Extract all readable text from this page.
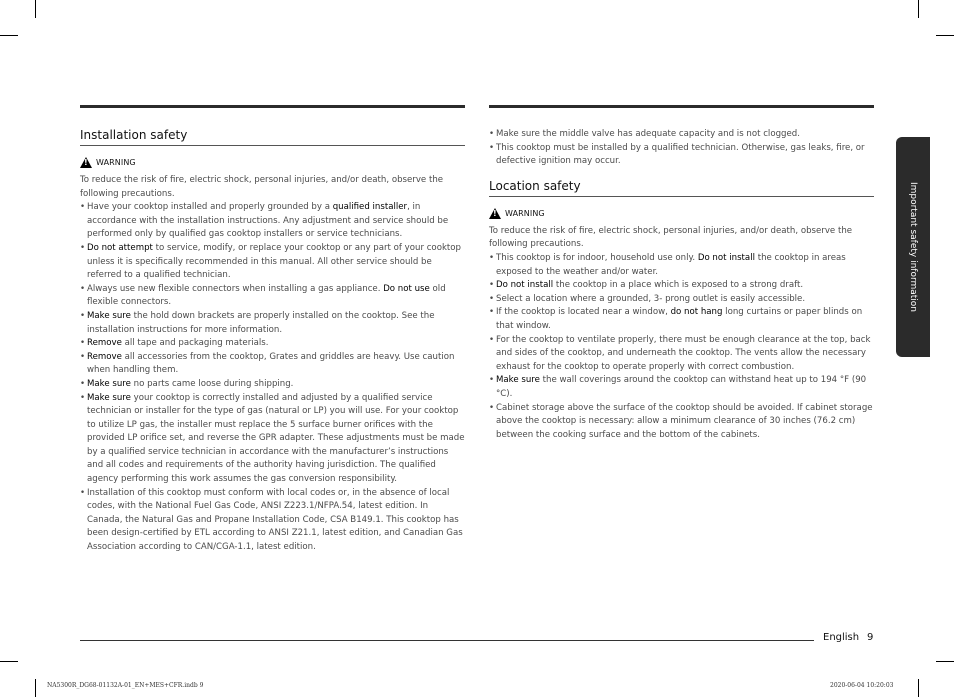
Installation safety
!
WARNING

To reduce the risk of fire, electric shock, personal injuries, and/or death, observe the following precautions.

• Have your cooktop installed and properly grounded by a qualified installer, in accordance with the installation instructions. Any adjustment and service should be performed only by qualified gas cooktop installers or service technicians.
• Do not attempt to service, modify, or replace your cooktop or any part of your cooktop unless it is specifically recommended in this manual. All other service should be referred to a qualified technician.
• Always use new flexible connectors when installing a gas appliance. Do not use old flexible connectors.
• Make sure the hold down brackets are properly installed on the cooktop. See the installation instructions for more information.
• Remove all tape and packaging materials.
• Remove all accessories from the cooktop, Grates and griddles are heavy. Use caution when handling them.
• Make sure no parts came loose during shipping.
• Make sure your cooktop is correctly installed and adjusted by a qualified service technician or installer for the type of gas (natural or LP) you will use. For your cooktop to utilize LP gas, the installer must replace the 5 surface burner orifices with the provided LP orifice set, and reverse the GPR adapter. These adjustments must be made by a qualified service technician in accordance with the manufacturer’s instructions and all codes and requirements of the authority having jurisdiction. The qualified agency performing this work assumes the gas conversion responsibility.
• Installation of this cooktop must conform with local codes or, in the absence of local codes, with the National Fuel Gas Code, ANSI Z223.1/NFPA.54, latest edition. In Canada, the Natural Gas and Propane Installation Code, CSA B149.1. This cooktop has been design-certified by ETL according to ANSI Z21.1, latest edition, and Canadian Gas Association according to CAN/CGA-1.1, latest edition.
• Make sure the middle valve has adequate capacity and is not clogged.
• This cooktop must be installed by a qualified technician. Otherwise, gas leaks, fire, or defective ignition may occur.
Location safety
!
WARNING

To reduce the risk of fire, electric shock, personal injuries, and/or death, observe the following precautions.

• This cooktop is for indoor, household use only. Do not install the cooktop in areas exposed to the weather and/or water.
• Do not install the cooktop in a place which is exposed to a strong draft.
• Select a location where a grounded, 3- prong outlet is easily accessible.
• If the cooktop is located near a window, do not hang long curtains or paper blinds on that window.
• For the cooktop to ventilate properly, there must be enough clearance at the top, back and sides of the cooktop, and underneath the cooktop. The vents allow the necessary exhaust for the cooktop to operate properly with correct combustion.
• Make sure the wall coverings around the cooktop can withstand heat up to 194 °F (90 °C).
• Cabinet storage above the surface of the cooktop should be avoided. If cabinet storage above the cooktop is necessary: allow a minimum clearance of 30 inches (76.2 cm) between the cooking surface and the bottom of the cabinets.
Important safety information
English 9
NA5300R_DG68-01132A-01_EN+MES+CFR.indb 9	2020-06-04 ​10:20:03
